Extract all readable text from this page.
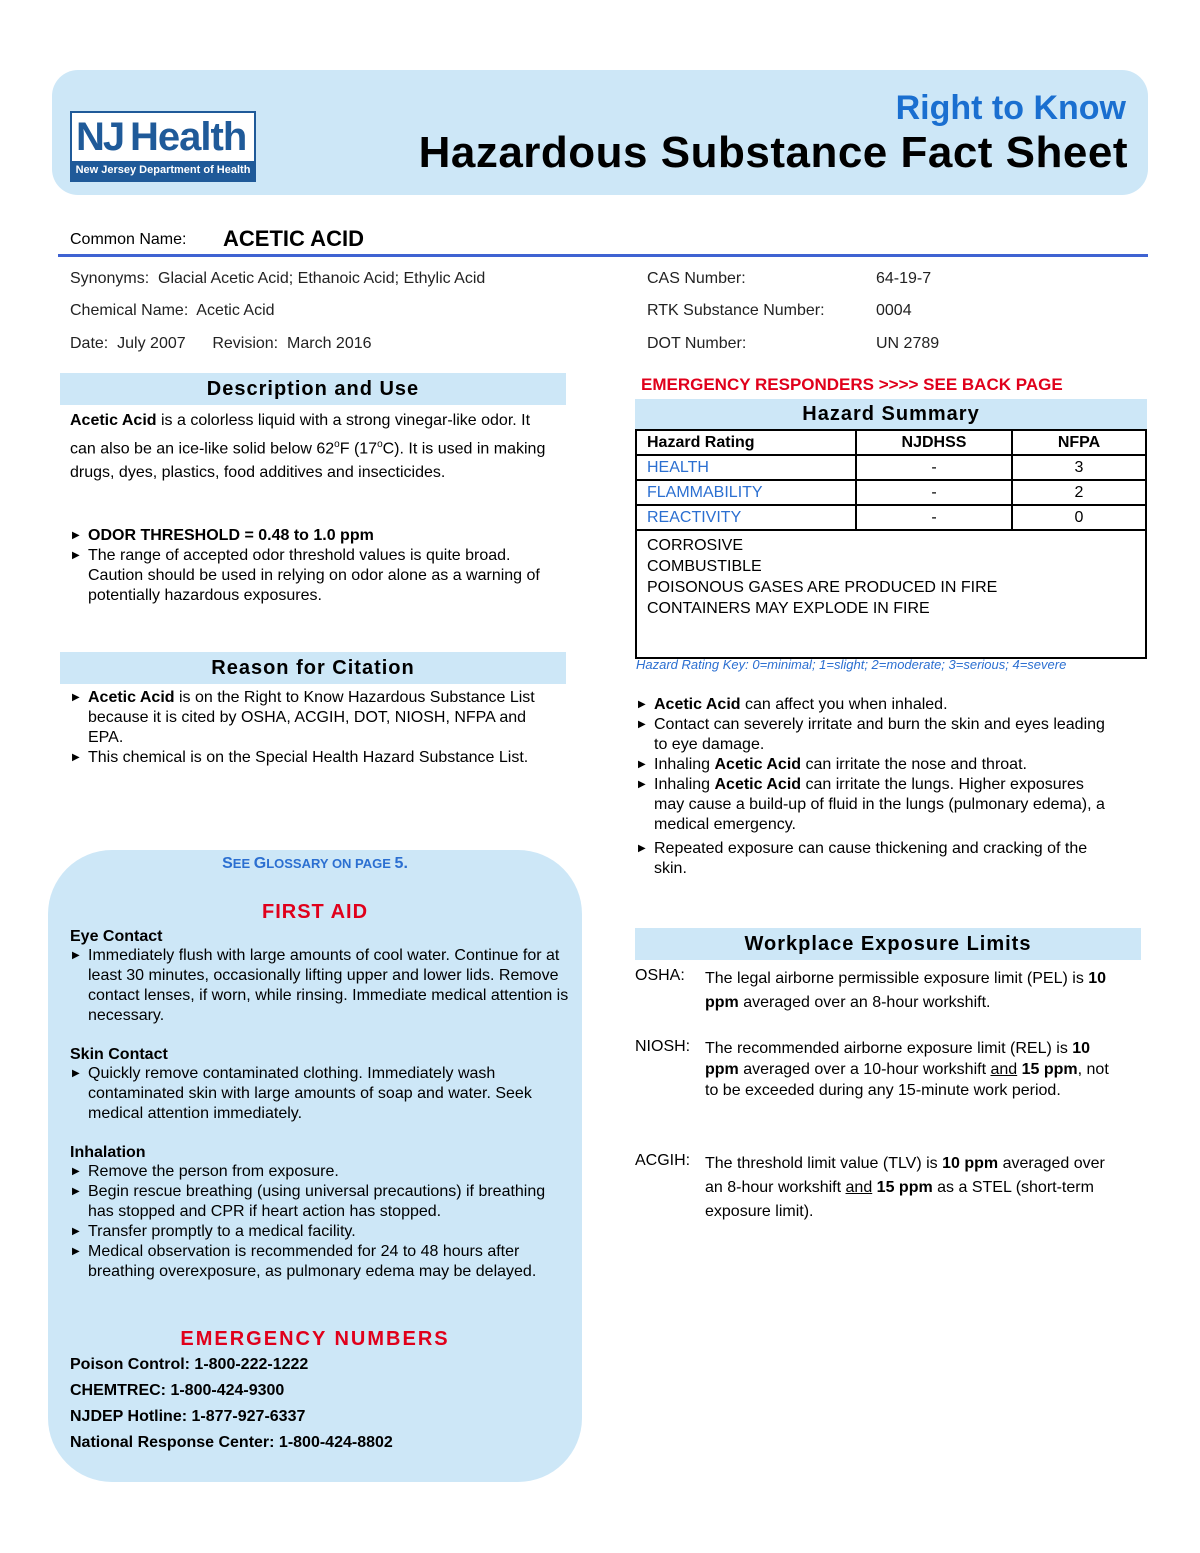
NJ Health
New Jersey Department of Health
Right to Know
Hazardous Substance Fact Sheet
Common Name: ACETIC ACID
Synonyms: Glacial Acetic Acid; Ethanoic Acid; Ethylic Acid
Chemical Name: Acetic Acid
Date: July 2007 Revision: March 2016
CAS Number:	64-19-7
RTK Substance Number:	0004
DOT Number:	UN 2789
Description and Use
Acetic Acid is a colorless liquid with a strong vinegar-like odor. It can also be an ice-like solid below 62$^o$F (17$^o$C). It is used in making drugs, dyes, plastics, food additives and insecticides.
▶ ODOR THRESHOLD = 0.48 to 1.0 ppm
▶ The range of accepted odor threshold values is quite broad. Caution should be used in relying on odor alone as a warning of potentially hazardous exposures.
Reason for Citation
▶ Acetic Acid is on the Right to Know Hazardous Substance List because it is cited by OSHA, ACGIH, DOT, NIOSH, NFPA and EPA.
▶ This chemical is on the Special Health Hazard Substance List.
SEE GLOSSARY ON PAGE 5.
FIRST AID
Eye Contact
▶ Immediately flush with large amounts of cool water. Continue for at least 30 minutes, occasionally lifting upper and lower lids. Remove contact lenses, if worn, while rinsing. Immediate medical attention is necessary.
Skin Contact
▶ Quickly remove contaminated clothing. Immediately wash contaminated skin with large amounts of soap and water. Seek medical attention immediately.
Inhalation
▶ Remove the person from exposure.
▶ Begin rescue breathing (using universal precautions) if breathing has stopped and CPR if heart action has stopped.
▶ Transfer promptly to a medical facility.
▶ Medical observation is recommended for 24 to 48 hours after breathing overexposure, as pulmonary edema may be delayed.
EMERGENCY NUMBERS
Poison Control: 1-800-222-1222
CHEMTREC: 1-800-424-9300
NJDEP Hotline: 1-877-927-6337
National Response Center: 1-800-424-8802
EMERGENCY RESPONDERS >>>> SEE BACK PAGE
Hazard Summary
Hazard Rating	NJDHSS	NFPA
HEALTH	-	3
FLAMMABILITY	-	2
REACTIVITY	-	0
CORROSIVE
COMBUSTIBLE
POISONOUS GASES ARE PRODUCED IN FIRE
CONTAINERS MAY EXPLODE IN FIRE
Hazard Rating Key: 0=minimal; 1=slight; 2=moderate; 3=serious; 4=severe
▶ Acetic Acid can affect you when inhaled.
▶ Contact can severely irritate and burn the skin and eyes leading to eye damage.
▶ Inhaling Acetic Acid can irritate the nose and throat.
▶ Inhaling Acetic Acid can irritate the lungs. Higher exposures may cause a build-up of fluid in the lungs (pulmonary edema), a medical emergency.
▶ Repeated exposure can cause thickening and cracking of the skin.
Workplace Exposure Limits
OSHA: The legal airborne permissible exposure limit (PEL) is 10 ppm averaged over an 8-hour workshift.
NIOSH: The recommended airborne exposure limit (REL) is 10 ppm averaged over a 10-hour workshift and 15 ppm, not to be exceeded during any 15-minute work period.
ACGIH: The threshold limit value (TLV) is 10 ppm averaged over an 8-hour workshift and 15 ppm as a STEL (short-term exposure limit).
